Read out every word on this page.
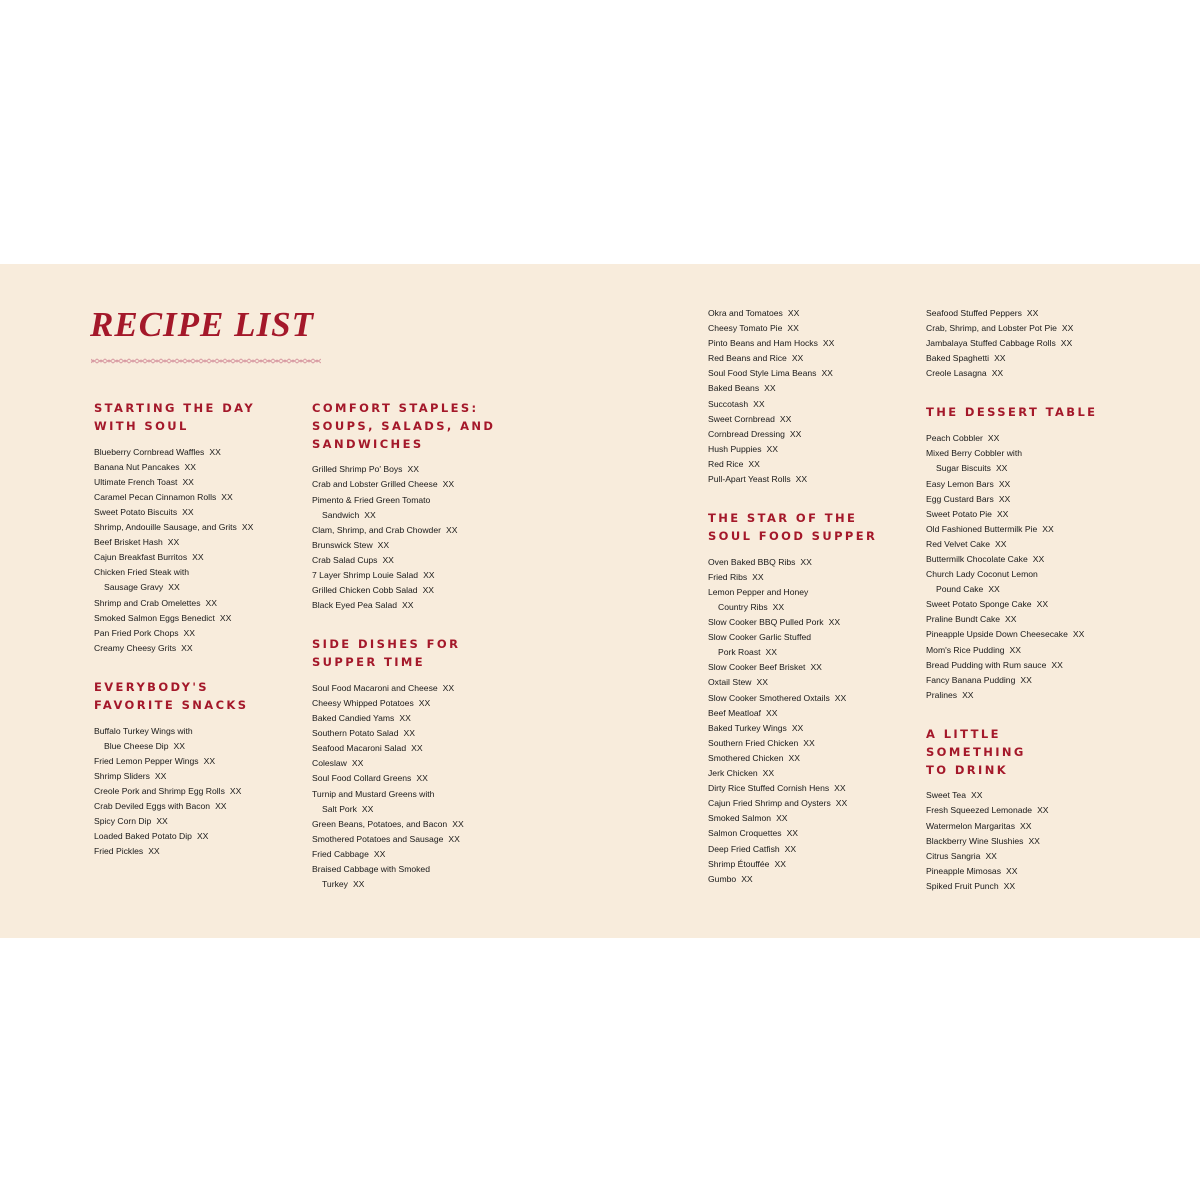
RECIPE LIST
STARTING THE DAY
WITH SOUL
Blueberry Cornbread Waffles XX
Banana Nut Pancakes XX
Ultimate French Toast XX
Caramel Pecan Cinnamon Rolls XX
Sweet Potato Biscuits XX
Shrimp, Andouille Sausage, and Grits XX
Beef Brisket Hash XX
Cajun Breakfast Burritos XX
Chicken Fried Steak with
Sausage Gravy XX
Shrimp and Crab Omelettes XX
Smoked Salmon Eggs Benedict XX
Pan Fried Pork Chops XX
Creamy Cheesy Grits XX
EVERYBODY'S
FAVORITE SNACKS
Buffalo Turkey Wings with
Blue Cheese Dip XX
Fried Lemon Pepper Wings XX
Shrimp Sliders XX
Creole Pork and Shrimp Egg Rolls XX
Crab Deviled Eggs with Bacon XX
Spicy Corn Dip XX
Loaded Baked Potato Dip XX
Fried Pickles XX
COMFORT STAPLES:
SOUPS, SALADS, AND
SANDWICHES
Grilled Shrimp Po' Boys XX
Crab and Lobster Grilled Cheese XX
Pimento & Fried Green Tomato
Sandwich XX
Clam, Shrimp, and Crab Chowder XX
Brunswick Stew XX
Crab Salad Cups XX
7 Layer Shrimp Louie Salad XX
Grilled Chicken Cobb Salad XX
Black Eyed Pea Salad XX
SIDE DISHES FOR
SUPPER TIME
Soul Food Macaroni and Cheese XX
Cheesy Whipped Potatoes XX
Baked Candied Yams XX
Southern Potato Salad XX
Seafood Macaroni Salad XX
Coleslaw XX
Soul Food Collard Greens XX
Turnip and Mustard Greens with
Salt Pork XX
Green Beans, Potatoes, and Bacon XX
Smothered Potatoes and Sausage XX
Fried Cabbage XX
Braised Cabbage with Smoked
Turkey XX
Okra and Tomatoes XX
Cheesy Tomato Pie XX
Pinto Beans and Ham Hocks XX
Red Beans and Rice XX
Soul Food Style Lima Beans XX
Baked Beans XX
Succotash XX
Sweet Cornbread XX
Cornbread Dressing XX
Hush Puppies XX
Red Rice XX
Pull-Apart Yeast Rolls XX
THE STAR OF THE
SOUL FOOD SUPPER
Oven Baked BBQ Ribs XX
Fried Ribs XX
Lemon Pepper and Honey
Country Ribs XX
Slow Cooker BBQ Pulled Pork XX
Slow Cooker Garlic Stuffed
Pork Roast XX
Slow Cooker Beef Brisket XX
Oxtail Stew XX
Slow Cooker Smothered Oxtails XX
Beef Meatloaf XX
Baked Turkey Wings XX
Southern Fried Chicken XX
Smothered Chicken XX
Jerk Chicken XX
Dirty Rice Stuffed Cornish Hens XX
Cajun Fried Shrimp and Oysters XX
Smoked Salmon XX
Salmon Croquettes XX
Deep Fried Catfish XX
Shrimp Étouffée XX
Gumbo XX
Seafood Stuffed Peppers XX
Crab, Shrimp, and Lobster Pot Pie XX
Jambalaya Stuffed Cabbage Rolls XX
Baked Spaghetti XX
Creole Lasagna XX
THE DESSERT TABLE
Peach Cobbler XX
Mixed Berry Cobbler with
Sugar Biscuits XX
Easy Lemon Bars XX
Egg Custard Bars XX
Sweet Potato Pie XX
Old Fashioned Buttermilk Pie XX
Red Velvet Cake XX
Buttermilk Chocolate Cake XX
Church Lady Coconut Lemon
Pound Cake XX
Sweet Potato Sponge Cake XX
Praline Bundt Cake XX
Pineapple Upside Down Cheesecake XX
Mom's Rice Pudding XX
Bread Pudding with Rum sauce XX
Fancy Banana Pudding XX
Pralines XX
A LITTLE
SOMETHING
TO DRINK
Sweet Tea XX
Fresh Squeezed Lemonade XX
Watermelon Margaritas XX
Blackberry Wine Slushies XX
Citrus Sangria XX
Pineapple Mimosas XX
Spiked Fruit Punch XX
